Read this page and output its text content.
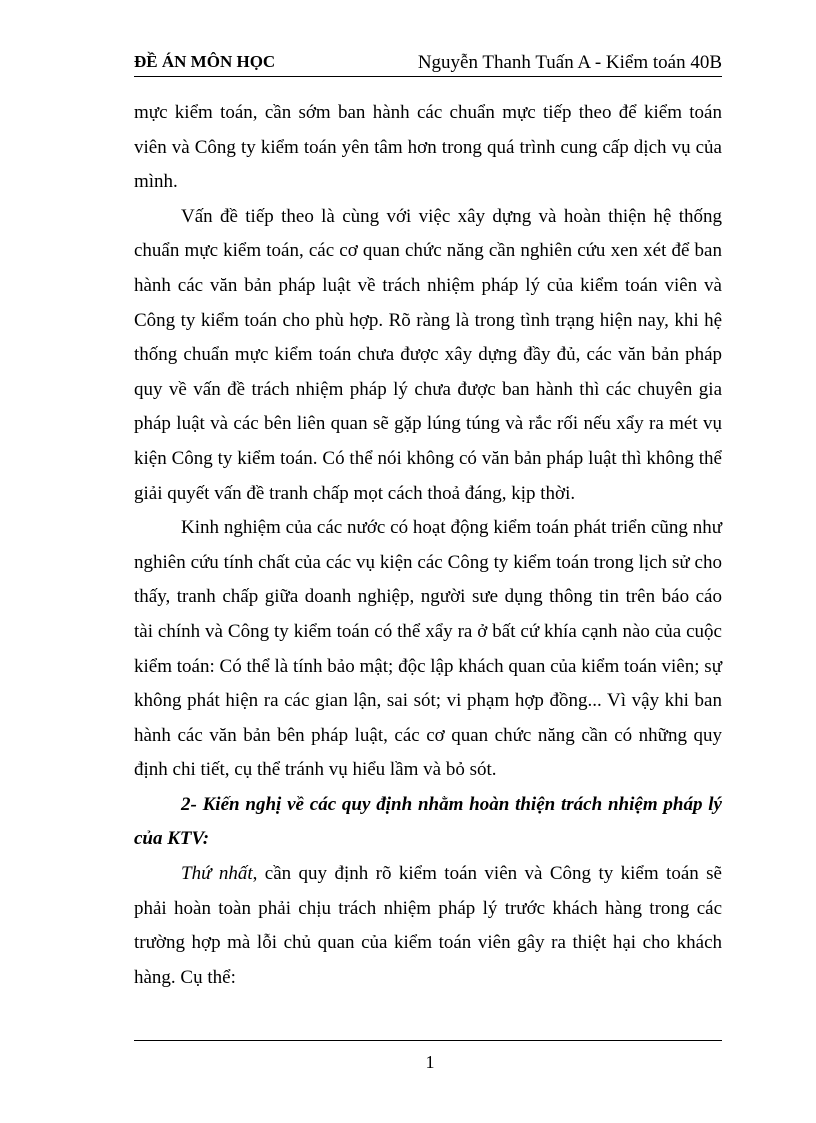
ĐỀ ÁN MÔN HỌC	Nguyễn Thanh Tuấn A - Kiểm toán 40B

mực kiểm toán, cần sớm ban hành các chuẩn mực tiếp theo để kiểm toán viên và Công ty kiểm toán yên tâm hơn trong quá trình cung cấp dịch vụ của mình.

Vấn đề tiếp theo là cùng với việc xây dựng và hoàn thiện hệ thống chuẩn mực kiểm toán, các cơ quan chức năng cần nghiên cứu xen xét để ban hành các văn bản pháp luật về trách nhiệm pháp lý của kiểm toán viên và Công ty kiểm toán cho phù hợp. Rõ ràng là trong tình trạng hiện nay, khi hệ thống chuẩn mực kiểm toán chưa được xây dựng đầy đủ, các văn bản pháp quy về vấn đề trách nhiệm pháp lý chưa được ban hành thì các chuyên gia pháp luật và các bên liên quan sẽ gặp lúng túng và rắc rối nếu xẩy ra mét vụ kiện Công ty kiểm toán. Có thể nói không có văn bản pháp luật thì không thể giải quyết vấn đề tranh chấp mọt cách thoả đáng, kịp thời.

Kinh nghiệm của các nước có hoạt động kiểm toán phát triển cũng như nghiên cứu tính chất của các vụ kiện các Công ty kiểm toán trong lịch sử cho thấy, tranh chấp giữa doanh nghiệp, người sưe dụng thông tin trên báo cáo tài chính và Công ty kiểm toán có thể xẩy ra ở bất cứ khía cạnh nào của cuộc kiểm toán: Có thể là tính bảo mật; độc lập khách quan của kiểm toán viên; sự không phát hiện ra các gian lận, sai sót; vi phạm hợp đồng... Vì vậy khi ban hành các văn bản bên pháp luật, các cơ quan chức năng cần có những quy định chi tiết, cụ thể tránh vụ hiểu lầm và bỏ sót.

2- Kiến nghị về các quy định nhằm hoàn thiện trách nhiệm pháp lý của KTV:

Thứ nhất, cần quy định rõ kiểm toán viên và Công ty kiểm toán sẽ phải hoàn toàn phải chịu trách nhiệm pháp lý trước khách hàng trong các trường hợp mà lỗi chủ quan của kiểm toán viên gây ra thiệt hại cho khách hàng. Cụ thể:

1
